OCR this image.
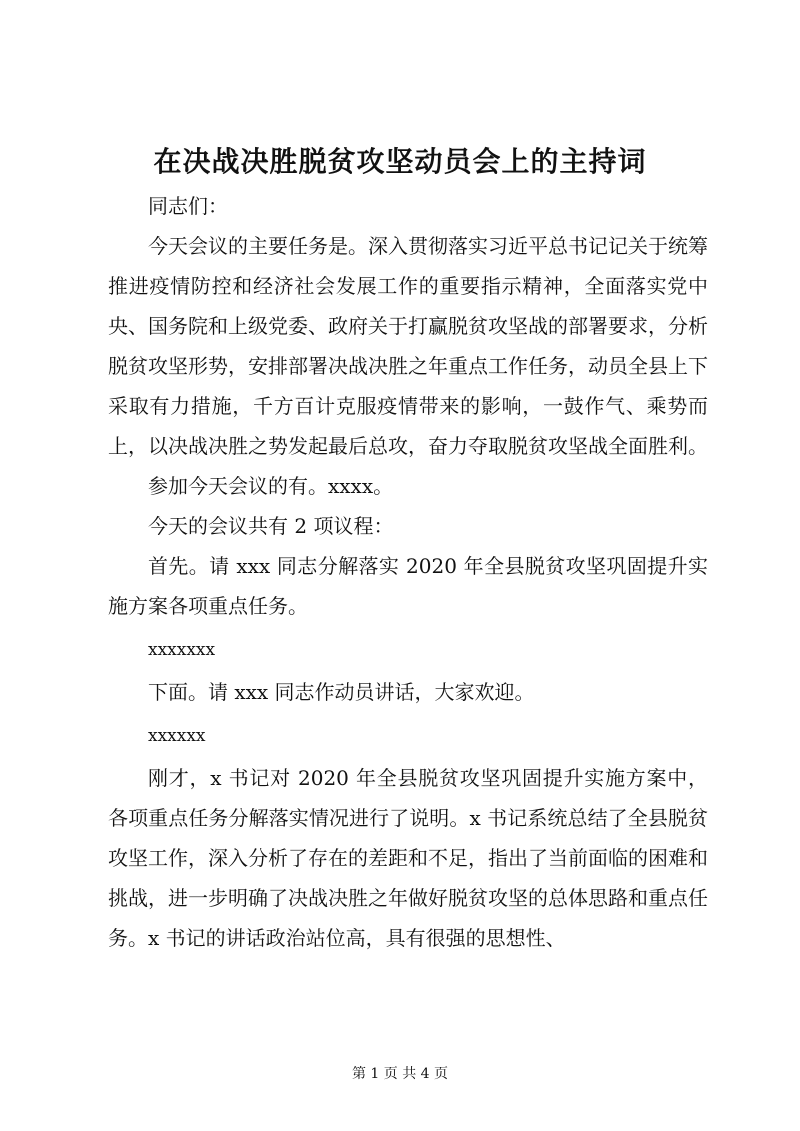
在决战决胜脱贫攻坚动员会上的主持词

同志们：

今天会议的主要任务是。深入贯彻落实习近平总书记记关于统筹推进疫情防控和经济社会发展工作的重要指示精神，全面落实党中央、国务院和上级党委、政府关于打赢脱贫攻坚战的部署要求，分析脱贫攻坚形势，安排部署决战决胜之年重点工作任务，动员全县上下采取有力措施，千方百计克服疫情带来的影响，一鼓作气、乘势而上，以决战决胜之势发起最后总攻，奋力夺取脱贫攻坚战全面胜利。

参加今天会议的有。xxxx。

今天的会议共有 2 项议程：

首先。请 xxx 同志分解落实 2020 年全县脱贫攻坚巩固提升实施方案各项重点任务。

xxxxxxx

下面。请 xxx 同志作动员讲话，大家欢迎。

xxxxxx

刚才，x 书记对 2020 年全县脱贫攻坚巩固提升实施方案中，各项重点任务分解落实情况进行了说明。x 书记系统总结了全县脱贫攻坚工作，深入分析了存在的差距和不足，指出了当前面临的困难和挑战，进一步明确了决战决胜之年做好脱贫攻坚的总体思路和重点任务。x 书记的讲话政治站位高，具有很强的思想性、

第 1 页 共 4 页
